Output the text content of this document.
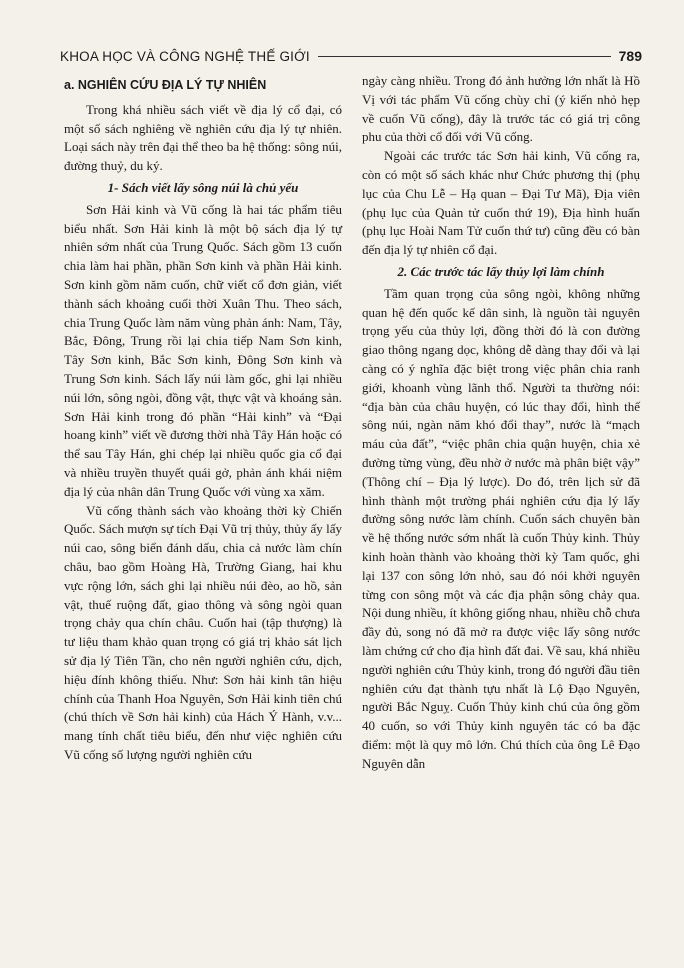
KHOA HỌC VÀ CÔNG NGHỆ THẾ GIỚI	789
a. NGHIÊN CỨU ĐỊA LÝ TỰ NHIÊN

Trong khá nhiều sách viết về địa lý cổ đại, có một số sách nghiêng về nghiên cứu địa lý tự nhiên. Loại sách này trên đại thể theo ba hệ thống: sông núi, đường thuỷ, du ký.

1- Sách viết lấy sông núi là chủ yếu

Sơn Hải kinh và Vũ cống là hai tác phẩm tiêu biểu nhất. Sơn Hải kinh là một bộ sách địa lý tự nhiên sớm nhất của Trung Quốc. Sách gồm 13 cuốn chia làm hai phần, phần Sơn kinh và phần Hải kinh. Sơn kinh gồm năm cuốn, chữ viết cổ đơn giản, viết thành sách khoảng cuối thời Xuân Thu. Theo sách, chia Trung Quốc làm năm vùng phản ánh: Nam, Tây, Bắc, Đông, Trung rồi lại chia tiếp Nam Sơn kinh, Tây Sơn kinh, Bắc Sơn kinh, Đông Sơn kinh và Trung Sơn kinh. Sách lấy núi làm gốc, ghi lại nhiều núi lớn, sông ngòi, đồng vật, thực vật và khoáng sản. Sơn Hải kinh trong đó phần “Hải kinh” và “Đại hoang kinh” viết về đương thời nhà Tây Hán hoặc có thể sau Tây Hán, ghi chép lại nhiều quốc gia cổ đại và nhiều truyền thuyết quái gở, phản ánh khái niệm địa lý của nhân dân Trung Quốc với vùng xa xăm.

Vũ cống thành sách vào khoảng thời kỳ Chiến Quốc. Sách mượn sự tích Đại Vũ trị thủy, thủy ấy lấy núi cao, sông biển đánh dấu, chia cả nước làm chín châu, bao gồm Hoàng Hà, Trường Giang, hai khu vực rộng lớn, sách ghi lại nhiều núi đèo, ao hồ, sản vật, thuế ruộng đất, giao thông và sông ngòi quan trọng chảy qua chín châu. Cuốn hai (tập thượng) là tư liệu tham khảo quan trọng có giá trị khảo sát lịch sử địa lý Tiên Tần, cho nên người nghiên cứu, dịch, hiệu đính không thiếu. Như: Sơn hải kinh tân hiệu chính của Thanh Hoa Nguyên, Sơn Hải kinh tiên chú (chú thích về Sơn hải kinh) của Hách Ý Hành, v.v... mang tính chất tiêu biểu, đến như việc nghiên cứu Vũ cống số lượng người nghiên cứu

ngày càng nhiều. Trong đó ảnh hưởng lớn nhất là Hồ Vị với tác phẩm Vũ cống chùy chỉ (ý kiến nhỏ hẹp về cuốn Vũ cống), đây là trước tác có giá trị công phu của thời cổ đối với Vũ cống.

Ngoài các trước tác Sơn hải kinh, Vũ cống ra, còn có một số sách khác như Chức phương thị (phụ lục của Chu Lễ – Hạ quan – Đại Tư Mã), Địa viên (phụ lục của Quản tử cuốn thứ 19), Địa hình huấn (phụ lục Hoài Nam Tử cuốn thứ tư) cũng đều có bàn đến địa lý tự nhiên cổ đại.

2. Các trước tác lấy thủy lợi làm chính

Tầm quan trọng của sông ngòi, không những quan hệ đến quốc kế dân sinh, là nguồn tài nguyên trọng yếu của thủy lợi, đồng thời đó là con đường giao thông ngang dọc, không dễ dàng thay đổi và lại càng có ý nghĩa đặc biệt trong việc phân chia ranh giới, khoanh vùng lãnh thổ. Người ta thường nói: “địa bàn của châu huyện, có lúc thay đổi, hình thế sông núi, ngàn năm khó đổi thay”, nước là “mạch máu của đất”, “việc phân chia quận huyện, chia xẻ đường từng vùng, đều nhờ ở nước mà phân biệt vậy” (Thông chí – Địa lý lược). Do đó, trên lịch sử đã hình thành một trường phái nghiên cứu địa lý lấy đường sông nước làm chính. Cuốn sách chuyên bàn về hệ thống nước sớm nhất là cuốn Thủy kinh. Thủy kinh hoàn thành vào khoảng thời kỳ Tam quốc, ghi lại 137 con sông lớn nhỏ, sau đó nói khởi nguyên từng con sông một và các địa phận sông chảy qua. Nội dung nhiều, ít không giống nhau, nhiều chỗ chưa đầy đủ, song nó đã mở ra được việc lấy sông nước làm chứng cứ cho địa hình đất đai. Về sau, khá nhiều người nghiên cứu Thủy kinh, trong đó người đầu tiên nghiên cứu đạt thành tựu nhất là Lộ Đạo Nguyên, người Bắc Nguỵ. Cuốn Thủy kinh chú của ông gồm 40 cuốn, so với Thủy kinh nguyên tác có ba đặc điểm: một là quy mô lớn. Chú thích của ông Lê Đạo Nguyên dẫn
